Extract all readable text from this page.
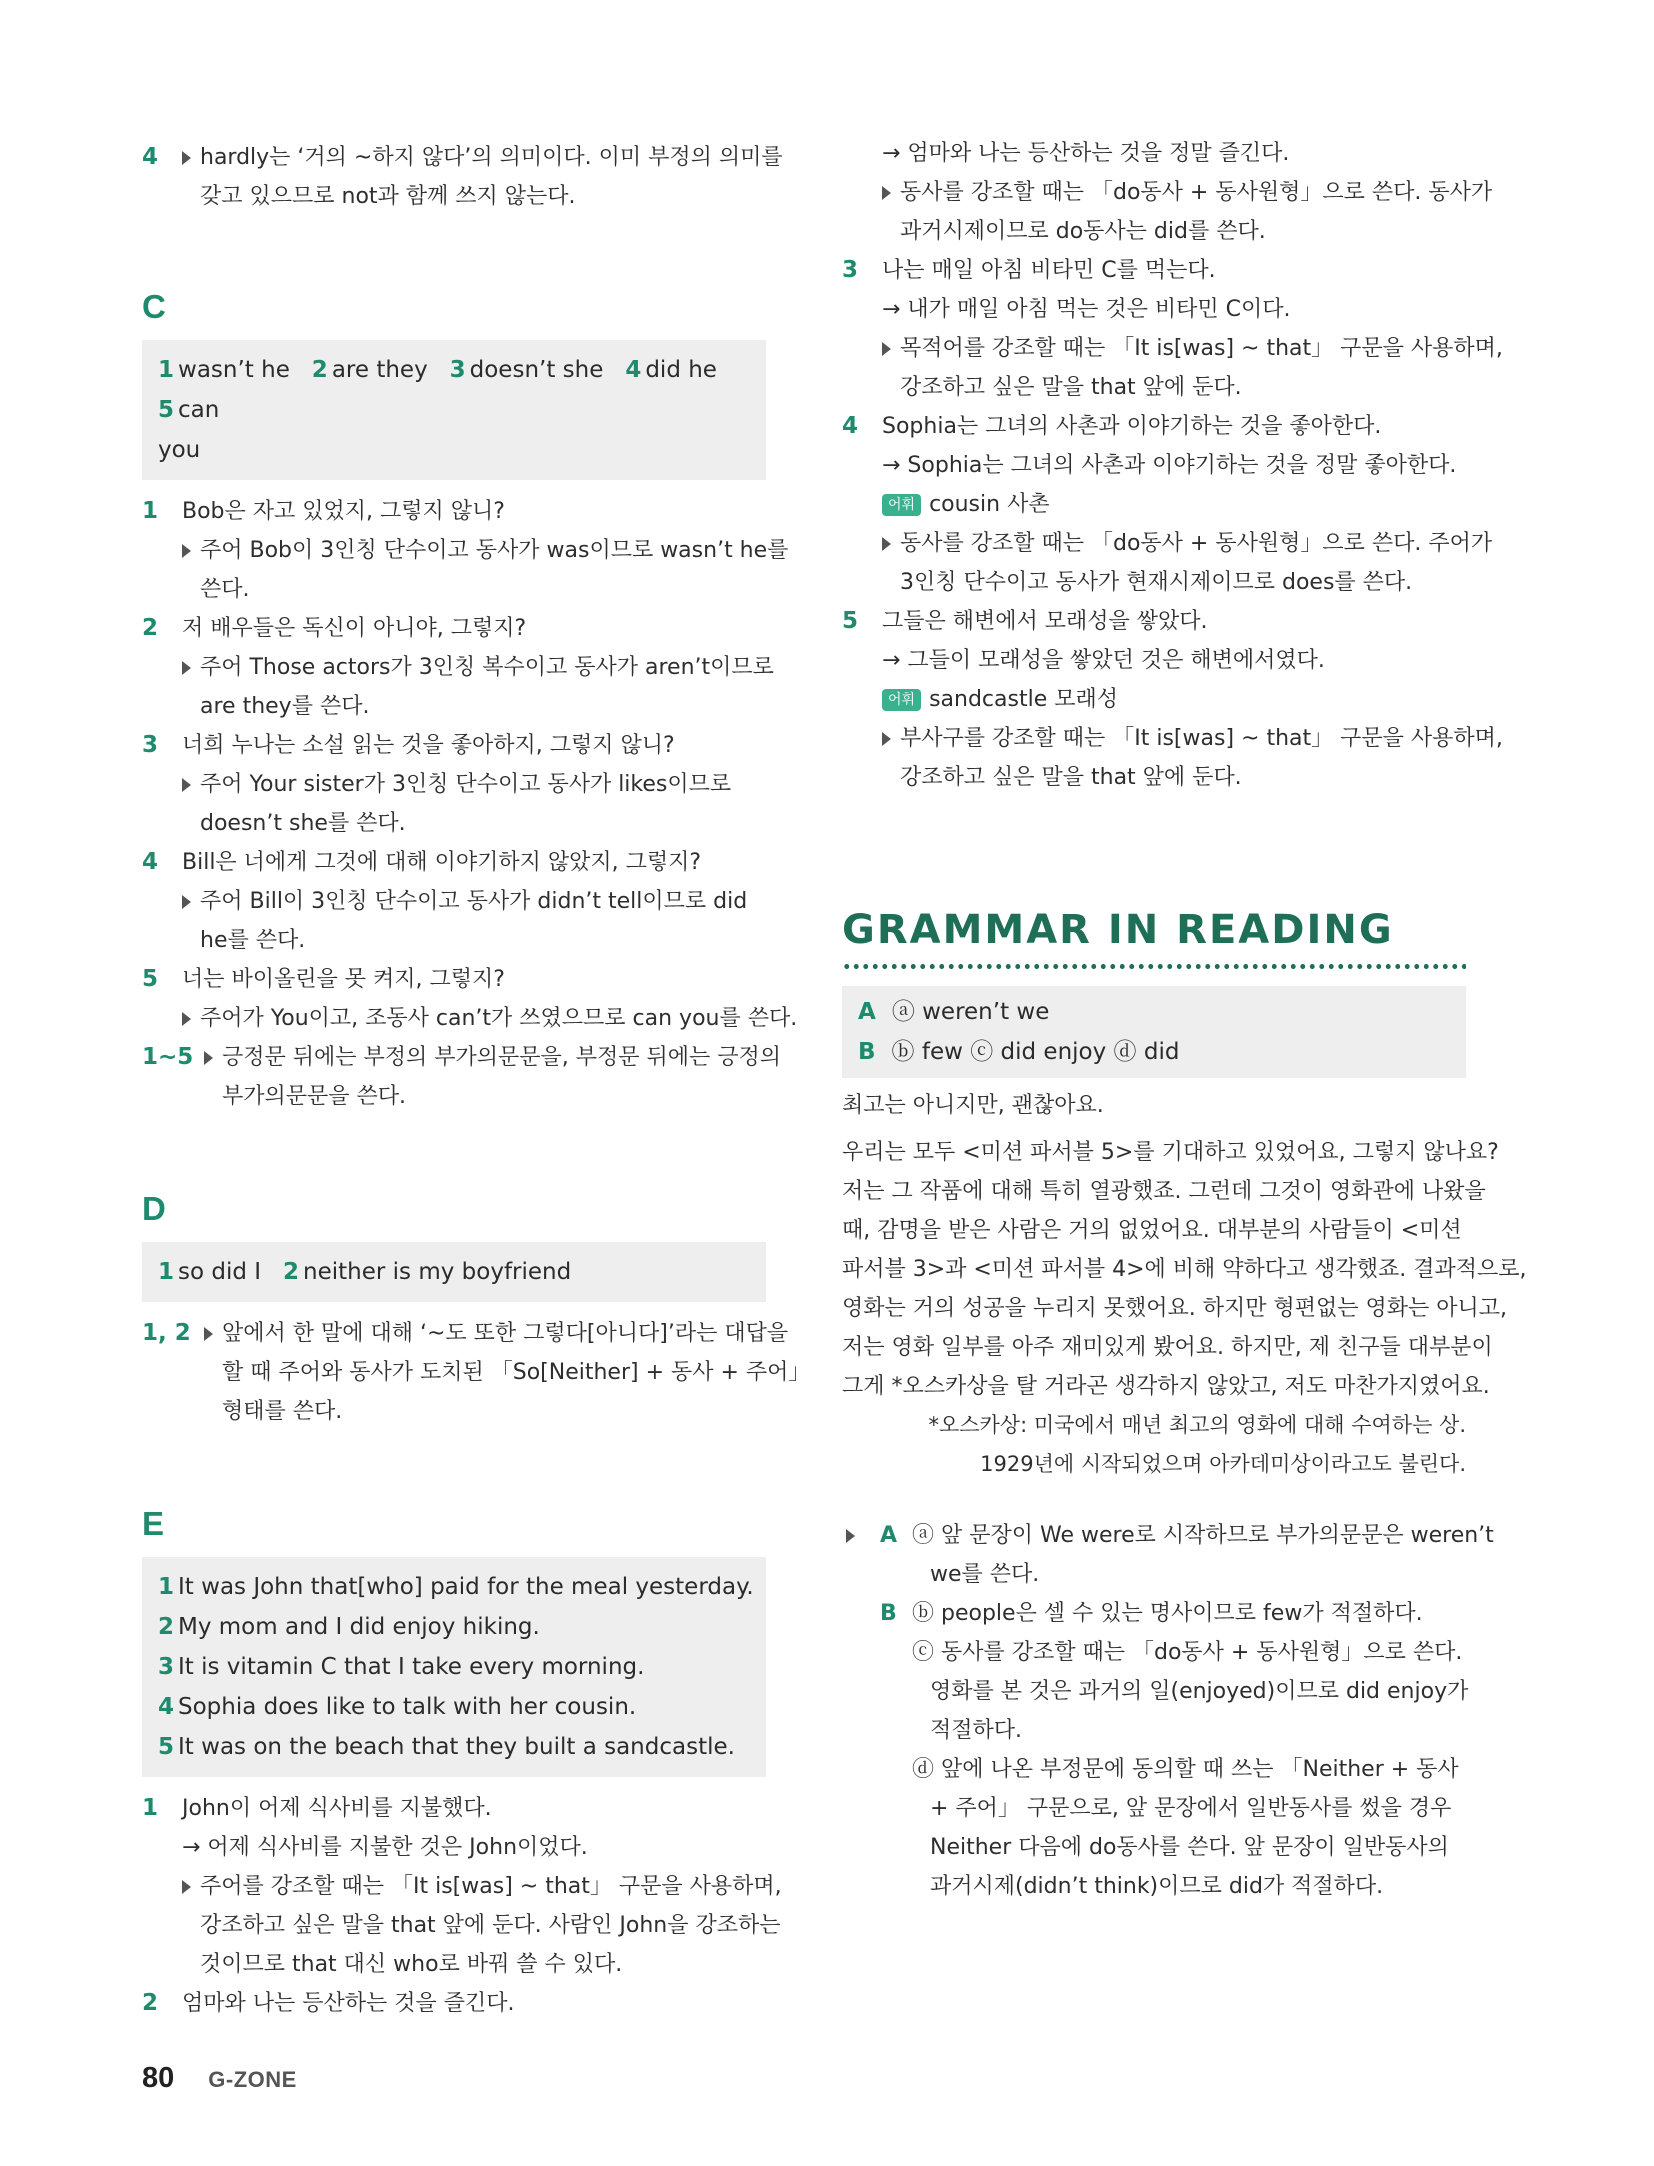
4	hardly는 ‘거의 ~하지 않다’의 의미이다. 이미 부정의 의미를
갖고 있으므로 not과 함께 쓰지 않는다.
C
1 wasn’t he 2 are they 3 doesn’t she 4 did he   5 can
you
1	Bob은 자고 있었지, 그렇지 않니?
주어 Bob이 3인칭 단수이고 동사가 was이므로 wasn’t he를
쓴다.
2	저 배우들은 독신이 아니야, 그렇지?
주어 Those actors가 3인칭 복수이고 동사가 aren’t이므로
are they를 쓴다.
3	너희 누나는 소설 읽는 것을 좋아하지, 그렇지 않니?
주어 Your sister가 3인칭 단수이고 동사가 likes이므로
doesn’t she를 쓴다.
4	Bill은 너에게 그것에 대해 이야기하지 않았지, 그렇지?
주어 Bill이 3인칭 단수이고 동사가 didn’t tell이므로 did
he를 쓴다.
5	너는 바이올린을 못 켜지, 그렇지?
주어가 You이고, 조동사 can’t가 쓰였으므로 can you를 쓴다.
1~5	긍정문 뒤에는 부정의 부가의문문을, 부정문 뒤에는 긍정의
부가의문문을 쓴다.
D
1 so did I 2 neither is my boyfriend
1, 2	앞에서 한 말에 대해 ‘~도 또한 그렇다[아니다]’라는 대답을
할 때 주어와 동사가 도치된 「So[Neither] + 동사 + 주어」
형태를 쓴다.
E
1 It was John that[who] paid for the meal yesterday.
2 My mom and I did enjoy hiking.
3 It is vitamin C that I take every morning.
4 Sophia does like to talk with her cousin.
5 It was on the beach that they built a sandcastle.
1	John이 어제 식사비를 지불했다.
→ 어제 식사비를 지불한 것은 John이었다.
주어를 강조할 때는 「It is[was] ~ that」 구문을 사용하며,
강조하고 싶은 말을 that 앞에 둔다. 사람인 John을 강조하는
것이므로 that 대신 who로 바꿔 쓸 수 있다.
2	엄마와 나는 등산하는 것을 즐긴다.
→ 엄마와 나는 등산하는 것을 정말 즐긴다.
동사를 강조할 때는 「do동사 + 동사원형」으로 쓴다. 동사가
과거시제이므로 do동사는 did를 쓴다.
3	나는 매일 아침 비타민 C를 먹는다.
→ 내가 매일 아침 먹는 것은 비타민 C이다.
목적어를 강조할 때는 「It is[was] ~ that」 구문을 사용하며,
강조하고 싶은 말을 that 앞에 둔다.
4	Sophia는 그녀의 사촌과 이야기하는 것을 좋아한다.
→ Sophia는 그녀의 사촌과 이야기하는 것을 정말 좋아한다.
어휘 cousin 사촌
동사를 강조할 때는 「do동사 + 동사원형」으로 쓴다. 주어가
3인칭 단수이고 동사가 현재시제이므로 does를 쓴다.
5	그들은 해변에서 모래성을 쌓았다.
→ 그들이 모래성을 쌓았던 것은 해변에서였다.
어휘 sandcastle 모래성
부사구를 강조할 때는 「It is[was] ~ that」 구문을 사용하며,
강조하고 싶은 말을 that 앞에 둔다.
GRAMMAR IN READING
A ⓐ weren’t we
B ⓑ few ⓒ did enjoy ⓓ did
최고는 아니지만, 괜찮아요.
우리는 모두 <미션 파서블 5>를 기대하고 있었어요, 그렇지 않나요?
저는 그 작품에 대해 특히 열광했죠. 그런데 그것이 영화관에 나왔을
때, 감명을 받은 사람은 거의 없었어요. 대부분의 사람들이 <미션
파서블 3>과 <미션 파서블 4>에 비해 약하다고 생각했죠. 결과적으로,
영화는 거의 성공을 누리지 못했어요. 하지만 형편없는 영화는 아니고,
저는 영화 일부를 아주 재미있게 봤어요. 하지만, 제 친구들 대부분이
그게 *오스카상을 탈 거라곤 생각하지 않았고, 저도 마찬가지였어요.
*오스카상: 미국에서 매년 최고의 영화에 대해 수여하는 상.
1929년에 시작되었으며 아카데미상이라고도 불린다.
A ⓐ 앞 문장이 We were로 시작하므로 부가의문문은 weren’t
we를 쓴다.
B ⓑ people은 셀 수 있는 명사이므로 few가 적절하다.
ⓒ 동사를 강조할 때는 「do동사 + 동사원형」으로 쓴다.
영화를 본 것은 과거의 일(enjoyed)이므로 did enjoy가
적절하다.
ⓓ 앞에 나온 부정문에 동의할 때 쓰는 「Neither + 동사
+ 주어」 구문으로, 앞 문장에서 일반동사를 썼을 경우
Neither 다음에 do동사를 쓴다. 앞 문장이 일반동사의
과거시제(didn’t think)이므로 did가 적절하다.
80 G-ZONE
